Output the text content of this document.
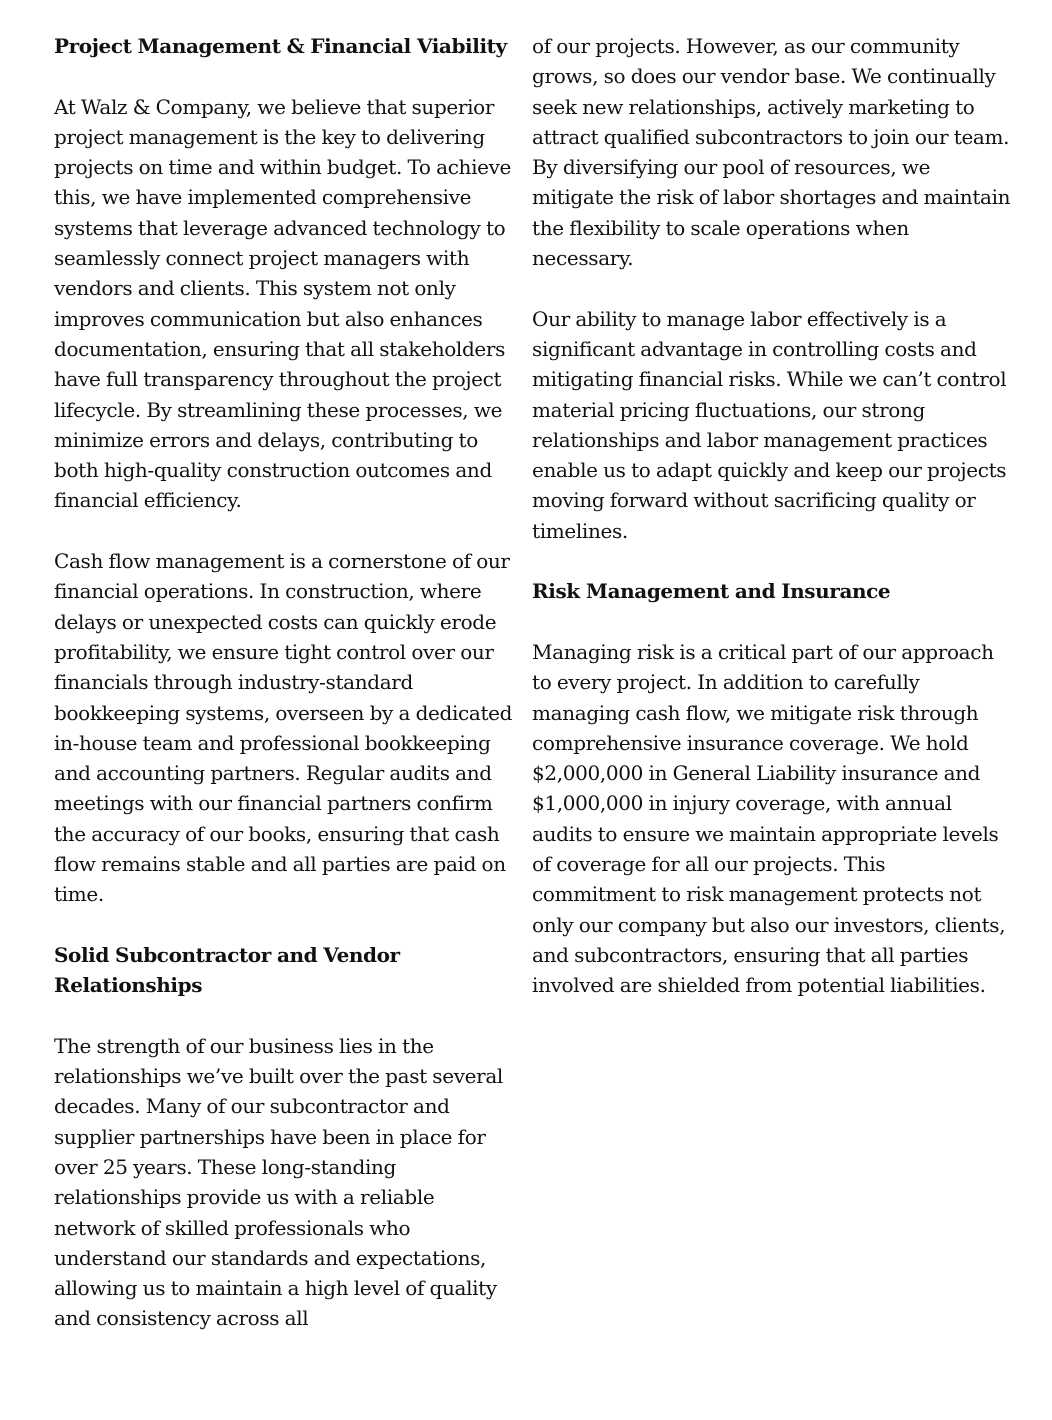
Project Management & Financial Viability

At Walz & Company, we believe that superior project management is the key to delivering projects on time and within budget. To achieve this, we have implemented comprehensive systems that leverage advanced technology to seamlessly connect project managers with vendors and clients. This system not only improves communication but also enhances documentation, ensuring that all stakeholders have full transparency throughout the project lifecycle. By streamlining these processes, we minimize errors and delays, contributing to both high-quality construction outcomes and financial efficiency.

Cash flow management is a cornerstone of our financial operations. In construction, where delays or unexpected costs can quickly erode profitability, we ensure tight control over our financials through industry-standard bookkeeping systems, overseen by a dedicated in-house team and professional bookkeeping and accounting partners. Regular audits and meetings with our financial partners confirm the accuracy of our books, ensuring that cash flow remains stable and all parties are paid on time.

Solid Subcontractor and Vendor Relationships

The strength of our business lies in the relationships we’ve built over the past several decades. Many of our subcontractor and supplier partnerships have been in place for over 25 years. These long-standing relationships provide us with a reliable network of skilled professionals who understand our standards and expectations, allowing us to maintain a high level of quality and consistency across all

of our projects. However, as our community grows, so does our vendor base. We continually seek new relationships, actively marketing to attract qualified subcontractors to join our team. By diversifying our pool of resources, we mitigate the risk of labor shortages and maintain the flexibility to scale operations when necessary.

Our ability to manage labor effectively is a significant advantage in controlling costs and mitigating financial risks. While we can’t control material pricing fluctuations, our strong relationships and labor management practices enable us to adapt quickly and keep our projects moving forward without sacrificing quality or timelines.

Risk Management and Insurance

Managing risk is a critical part of our approach to every project. In addition to carefully managing cash flow, we mitigate risk through comprehensive insurance coverage. We hold $2,000,000 in General Liability insurance and $1,000,000 in injury coverage, with annual audits to ensure we maintain appropriate levels of coverage for all our projects. This commitment to risk management protects not only our company but also our investors, clients, and subcontractors, ensuring that all parties involved are shielded from potential liabilities.
